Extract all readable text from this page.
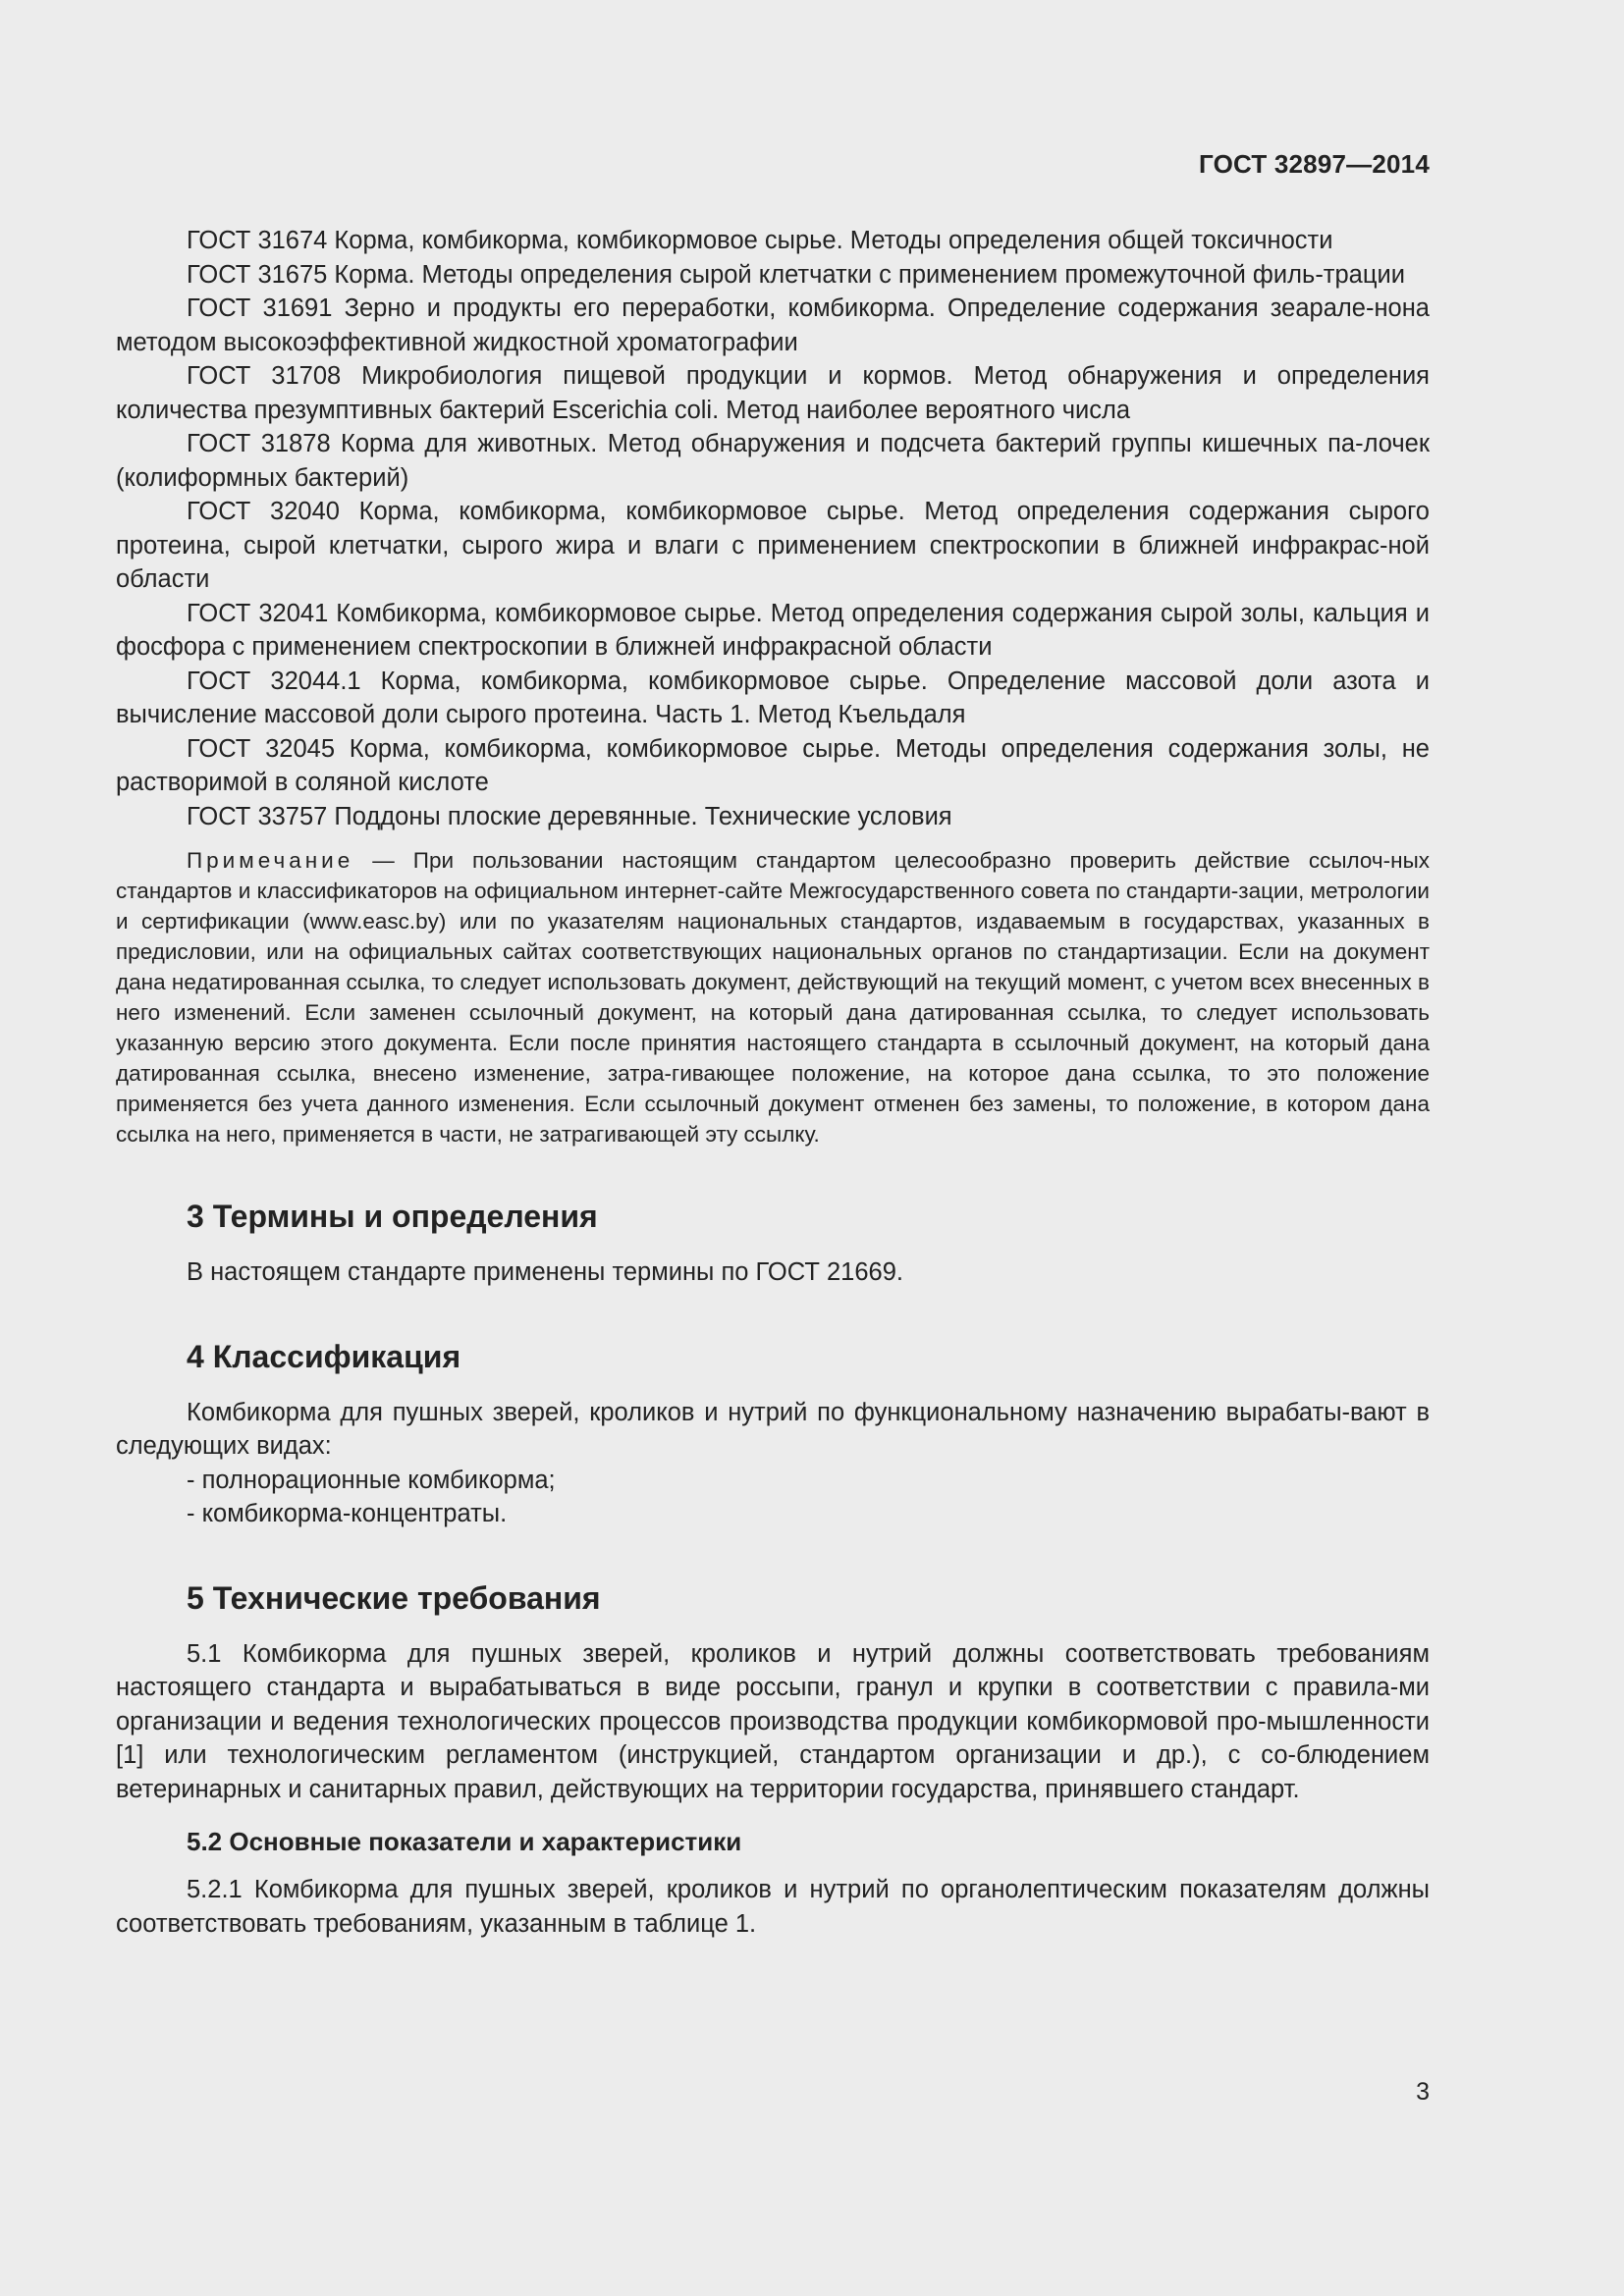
ГОСТ 32897—2014

ГОСТ 31674 Корма, комбикорма, комбикормовое сырье. Методы определения общей токсичности

ГОСТ 31675 Корма. Методы определения сырой клетчатки с применением промежуточной филь-трации

ГОСТ 31691 Зерно и продукты его переработки, комбикорма. Определение содержания зеарале-нона методом высокоэффективной жидкостной хроматографии

ГОСТ 31708 Микробиология пищевой продукции и кормов. Метод обнаружения и определения количества презумптивных бактерий Escerichia coli. Метод наиболее вероятного числа

ГОСТ 31878 Корма для животных. Метод обнаружения и подсчета бактерий группы кишечных па-лочек (колиформных бактерий)

ГОСТ 32040 Корма, комбикорма, комбикормовое сырье. Метод определения содержания сырого протеина, сырой клетчатки, сырого жира и влаги с применением спектроскопии в ближней инфракрас-ной области

ГОСТ 32041 Комбикорма, комбикормовое сырье. Метод определения содержания сырой золы, кальция и фосфора с применением спектроскопии в ближней инфракрасной области

ГОСТ 32044.1 Корма, комбикорма, комбикормовое сырье. Определение массовой доли азота и вычисление массовой доли сырого протеина. Часть 1. Метод Къельдаля

ГОСТ 32045 Корма, комбикорма, комбикормовое сырье. Методы определения содержания золы, не растворимой в соляной кислоте

ГОСТ 33757 Поддоны плоские деревянные. Технические условия

Примечание — При пользовании настоящим стандартом целесообразно проверить действие ссылоч-ных стандартов и классификаторов на официальном интернет-сайте Межгосударственного совета по стандарти-зации, метрологии и сертификации (www.easc.by) или по указателям национальных стандартов, издаваемым в государствах, указанных в предисловии, или на официальных сайтах соответствующих национальных органов по стандартизации. Если на документ дана недатированная ссылка, то следует использовать документ, действующий на текущий момент, с учетом всех внесенных в него изменений. Если заменен ссылочный документ, на который дана датированная ссылка, то следует использовать указанную версию этого документа. Если после принятия настоящего стандарта в ссылочный документ, на который дана датированная ссылка, внесено изменение, затра-гивающее положение, на которое дана ссылка, то это положение применяется без учета данного изменения. Если ссылочный документ отменен без замены, то положение, в котором дана ссылка на него, применяется в части, не затрагивающей эту ссылку.

3 Термины и определения

В настоящем стандарте применены термины по ГОСТ 21669.

4 Классификация

Комбикорма для пушных зверей, кроликов и нутрий по функциональному назначению вырабаты-вают в следующих видах:

- полнорационные комбикорма;
- комбикорма-концентраты.
5 Технические требования

5.1 Комбикорма для пушных зверей, кроликов и нутрий должны соответствовать требованиям настоящего стандарта и вырабатываться в виде россыпи, гранул и крупки в соответствии с правила-ми организации и ведения технологических процессов производства продукции комбикормовой про-мышленности [1] или технологическим регламентом (инструкцией, стандартом организации и др.), с со-блюдением ветеринарных и санитарных правил, действующих на территории государства, принявшего стандарт.

5.2 Основные показатели и характеристики

5.2.1 Комбикорма для пушных зверей, кроликов и нутрий по органолептическим показателям должны соответствовать требованиям, указанным в таблице 1.

3
